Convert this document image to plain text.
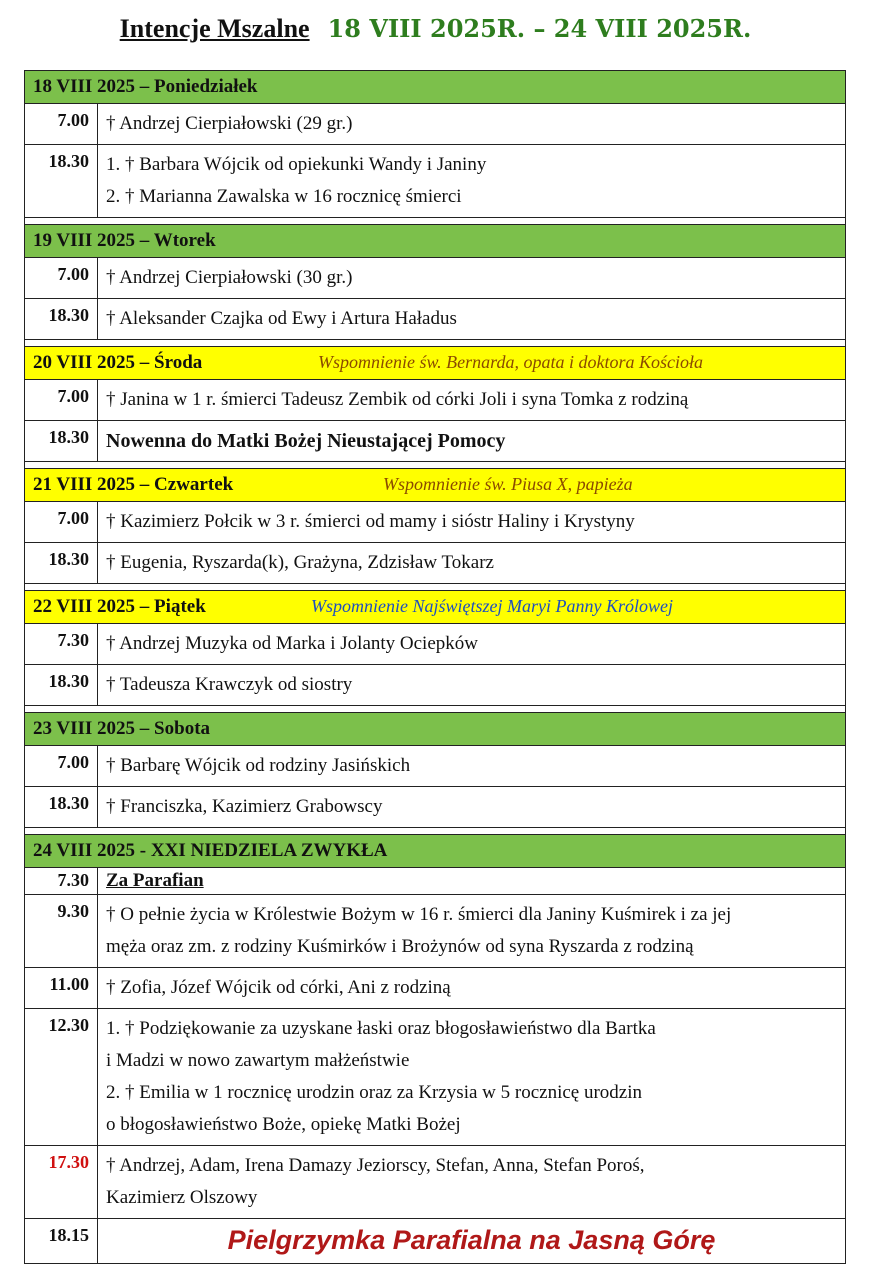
Intencje Mszalne 18 VIII 2025R. – 24 VIII 2025R.
18 VIII 2025 – Poniedziałek	
7.00	† Andrzej Cierpiałowski (29 gr.)

18.30	1. † Barbara Wójcik od opiekunki Wandy i Janiny
2. † Marianna Zawalska w 16 rocznicę śmierci

19 VIII 2025 – Wtorek	
7.00	† Andrzej Cierpiałowski (30 gr.)

18.30	† Aleksander Czajka od Ewy i Artura Haładus

20 VIII 2025 – Środa Wspomnienie św. Bernarda, opata i doktora Kościoła	
7.00	† Janina w 1 r. śmierci Tadeusz Zembik od córki Joli i syna Tomka z rodziną

18.30	Nowenna do Matki Bożej Nieustającej Pomocy

21 VIII 2025 – Czwartek Wspomnienie św. Piusa X, papieża	
7.00	† Kazimierz Połcik w 3 r. śmierci od mamy i sióstr Haliny i Krystyny

18.30	† Eugenia, Ryszarda(k), Grażyna, Zdzisław Tokarz

22 VIII 2025 – Piątek Wspomnienie Najświętszej Maryi Panny Królowej	
7.30	† Andrzej Muzyka od Marka i Jolanty Ociepków

18.30	† Tadeusza Krawczyk od siostry

23 VIII 2025 – Sobota	
7.00	† Barbarę Wójcik od rodziny Jasińskich

18.30	† Franciszka, Kazimierz Grabowscy

24 VIII 2025 - XXI NIEDZIELA ZWYKŁA	
7.30	Za Parafian

9.30	† O pełnie życia w Królestwie Bożym w 16 r. śmierci dla Janiny Kuśmirek i za jej
męża oraz zm. z rodziny Kuśmirków i Brożynów od syna Ryszarda z rodziną

11.00	† Zofia, Józef Wójcik od córki, Ani z rodziną

12.30	1. † Podziękowanie za uzyskane łaski oraz błogosławieństwo dla Bartka
i Madzi w nowo zawartym małżeństwie
2. † Emilia w 1 rocznicę urodzin oraz za Krzysia w 5 rocznicę urodzin
o błogosławieństwo Boże, opiekę Matki Bożej

17.30	† Andrzej, Adam, Irena Damazy Jeziorscy, Stefan, Anna, Stefan Poroś,
Kazimierz Olszowy

18.15	Pielgrzymka Parafialna na Jasną Górę
